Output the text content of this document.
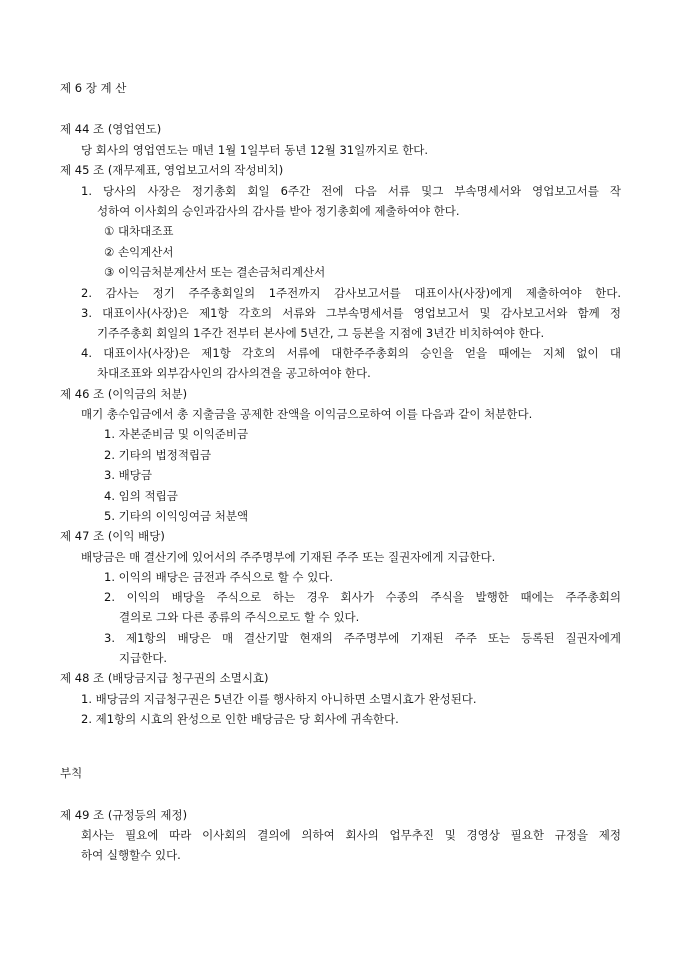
제 6 장 계 산
제 44 조 (영업연도)
당 회사의 영업연도는 매년 1월 1일부터 동년 12월 31일까지로 한다.
제 45 조 (재무제표, 영업보고서의 작성비치)
1. 당사의 사장은 정기총회 회일 6주간 전에 다음 서류 및그 부속명세서와 영업보고서를 작
성하여 이사회의 승인과감사의 감사를 받아 정기총회에 제출하여야 한다.
① 대차대조표
② 손익계산서
③ 이익금처분계산서 또는 결손금처리계산서
2. 감사는 정기 주주총회일의 1주전까지 감사보고서를 대표이사(사장)에게 제출하여야 한다.
3. 대표이사(사장)은 제1항 각호의 서류와 그부속명세서를 영업보고서 및 감사보고서와 함께 정
기주주총회 회일의 1주간 전부터 본사에 5년간, 그 등본을 지점에 3년간 비치하여야 한다.
4. 대표이사(사장)은 제1항 각호의 서류에 대한주주총회의 승인을 얻을 때에는 지체 없이 대
차대조표와 외부감사인의 감사의견을 공고하여야 한다.
제 46 조 (이익금의 처분)
매기 총수입금에서 총 지출금을 공제한 잔액을 이익금으로하여 이를 다음과 같이 처분한다.
1. 자본준비금 및 이익준비금
2. 기타의 법정적립금
3. 배당금
4. 임의 적립금
5. 기타의 이익잉여금 처분액
제 47 조 (이익 배당)
배당금은 매 결산기에 있어서의 주주명부에 기재된 주주 또는 질권자에게 지급한다.
1. 이익의 배당은 금전과 주식으로 할 수 있다.
2. 이익의 배당을 주식으로 하는 경우 회사가 수종의 주식을 발행한 때에는 주주총회의
결의로 그와 다른 종류의 주식으로도 할 수 있다.
3. 제1항의 배당은 매 결산기말 현재의 주주명부에 기재된 주주 또는 등록된 질권자에게
지급한다.
제 48 조 (배당금지급 청구권의 소멸시효)
1. 배당금의 지급청구권은 5년간 이를 행사하지 아니하면 소멸시효가 완성된다.
2. 제1항의 시효의 완성으로 인한 배당금은 당 회사에 귀속한다.
부칙
제 49 조 (규정등의 제정)
회사는 필요에 따라 이사회의 결의에 의하여 회사의 업무추진 및 경영상 필요한 규정을 제정
하여 실행할수 있다.
